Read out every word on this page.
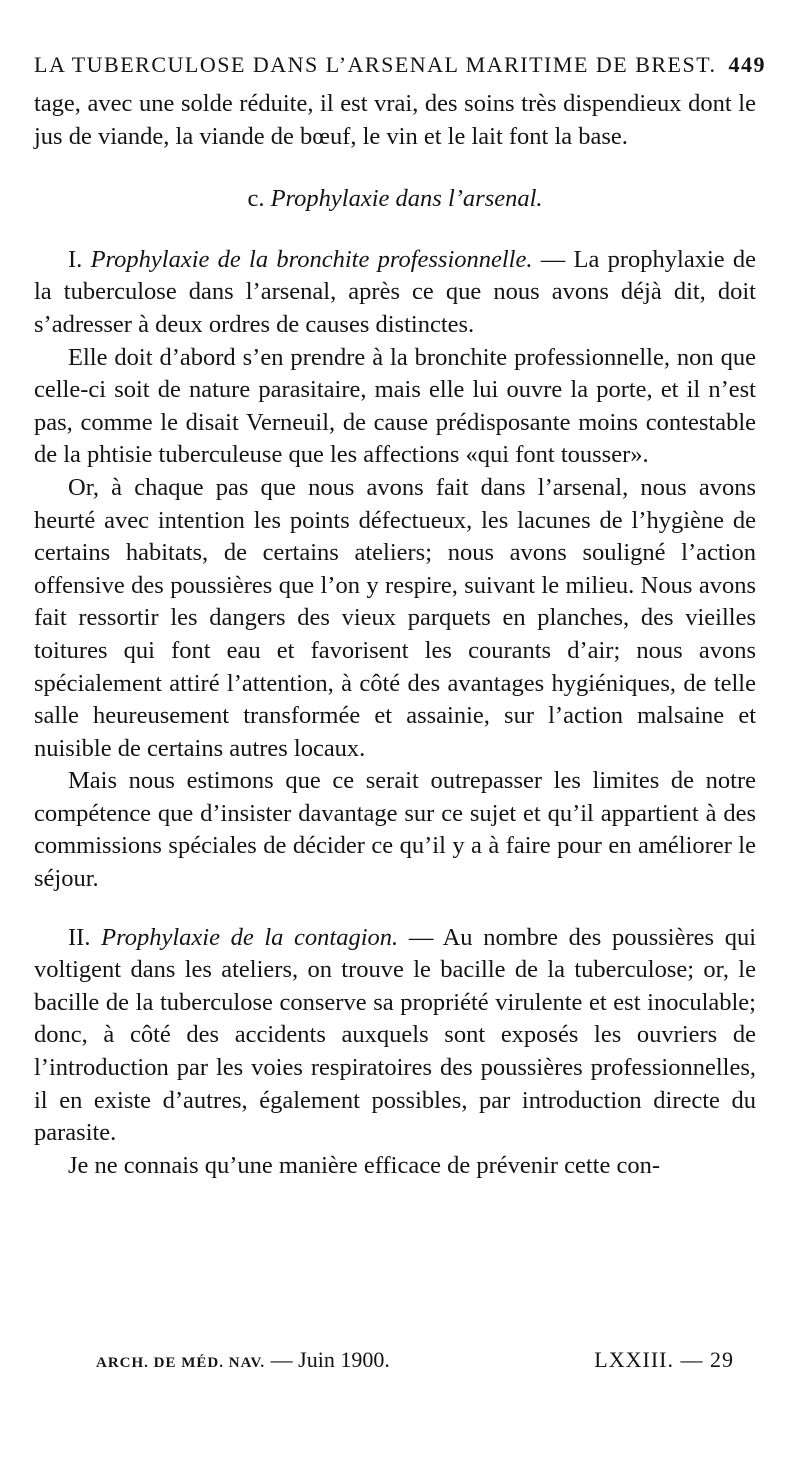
LA TUBERCULOSE DANS L’ARSENAL MARITIME DE BREST. 449

tage, avec une solde réduite, il est vrai, des soins très dispendieux dont le jus de viande, la viande de bœuf, le vin et le lait font la base.

c. Prophylaxie dans l’arsenal.

I. Prophylaxie de la bronchite professionnelle. — La prophylaxie de la tuberculose dans l’arsenal, après ce que nous avons déjà dit, doit s’adresser à deux ordres de causes distinctes.

Elle doit d’abord s’en prendre à la bronchite professionnelle, non que celle-ci soit de nature parasitaire, mais elle lui ouvre la porte, et il n’est pas, comme le disait Verneuil, de cause prédisposante moins contestable de la phtisie tuberculeuse que les affections «qui font tousser».

Or, à chaque pas que nous avons fait dans l’arsenal, nous avons heurté avec intention les points défectueux, les lacunes de l’hygiène de certains habitats, de certains ateliers; nous avons souligné l’action offensive des poussières que l’on y respire, suivant le milieu. Nous avons fait ressortir les dangers des vieux parquets en planches, des vieilles toitures qui font eau et favorisent les courants d’air; nous avons spécialement attiré l’attention, à côté des avantages hygiéniques, de telle salle heureusement transformée et assainie, sur l’action malsaine et nuisible de certains autres locaux.

Mais nous estimons que ce serait outrepasser les limites de notre compétence que d’insister davantage sur ce sujet et qu’il appartient à des commissions spéciales de décider ce qu’il y a à faire pour en améliorer le séjour.

II. Prophylaxie de la contagion. — Au nombre des poussières qui voltigent dans les ateliers, on trouve le bacille de la tuberculose; or, le bacille de la tuberculose conserve sa propriété virulente et est inoculable; donc, à côté des accidents auxquels sont exposés les ouvriers de l’introduction par les voies respiratoires des poussières professionnelles, il en existe d’autres, également possibles, par introduction directe du parasite.

Je ne connais qu’une manière efficace de prévenir cette con-

ARCH. DE MÉD. NAV. — Juin 1900.	LXXIII. — 29
